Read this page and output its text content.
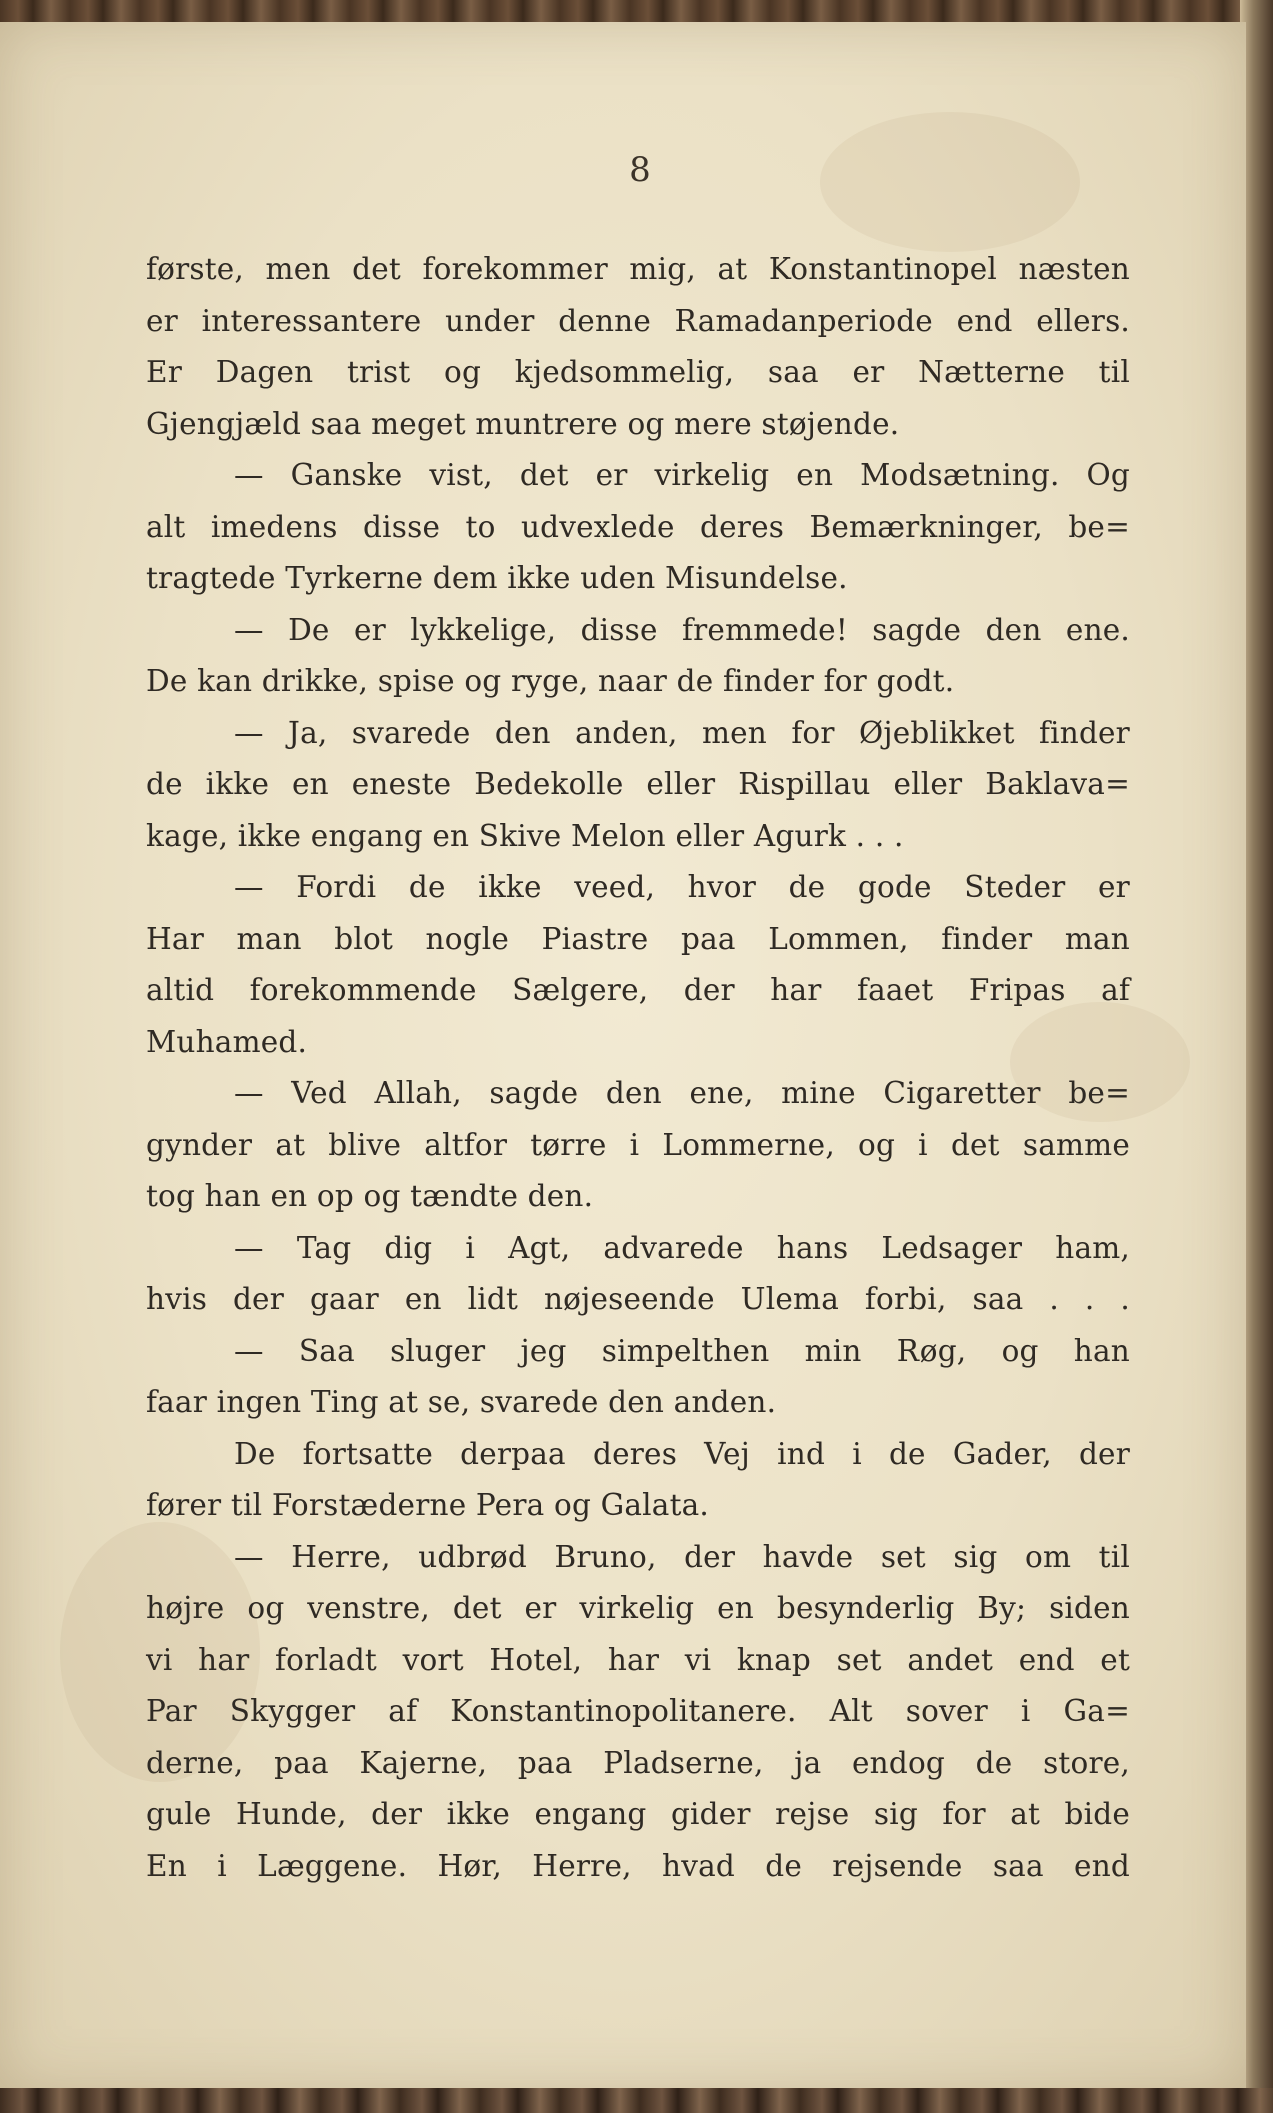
8
første, men det forekommer mig, at Konstantinopel næsten
er interessantere under denne Ramadanperiode end ellers.
Er Dagen trist og kjedsommelig, saa er Nætterne til
Gjengjæld saa meget muntrere og mere støjende.
— Ganske vist, det er virkelig en Modsætning. Og
alt imedens disse to udvexlede deres Bemærkninger, be=
tragtede Tyrkerne dem ikke uden Misundelse.
— De er lykkelige, disse fremmede! sagde den ene.
De kan drikke, spise og ryge, naar de finder for godt.
— Ja, svarede den anden, men for Øjeblikket finder
de ikke en eneste Bedekolle eller Rispillau eller Baklava=
kage, ikke engang en Skive Melon eller Agurk . . .
— Fordi de ikke veed, hvor de gode Steder er
Har man blot nogle Piastre paa Lommen, finder man
altid forekommende Sælgere, der har faaet Fripas af
Muhamed.
— Ved Allah, sagde den ene, mine Cigaretter be=
gynder at blive altfor tørre i Lommerne, og i det samme
tog han en op og tændte den.
— Tag dig i Agt, advarede hans Ledsager ham,
hvis der gaar en lidt nøjeseende Ulema forbi, saa . . .
— Saa sluger jeg simpelthen min Røg, og han
faar ingen Ting at se, svarede den anden.
De fortsatte derpaa deres Vej ind i de Gader, der
fører til Forstæderne Pera og Galata.
— Herre, udbrød Bruno, der havde set sig om til
højre og venstre, det er virkelig en besynderlig By; siden
vi har forladt vort Hotel, har vi knap set andet end et
Par Skygger af Konstantinopolitanere. Alt sover i Ga=
derne, paa Kajerne, paa Pladserne, ja endog de store,
gule Hunde, der ikke engang gider rejse sig for at bide
En i Læggene. Hør, Herre, hvad de rejsende saa end
